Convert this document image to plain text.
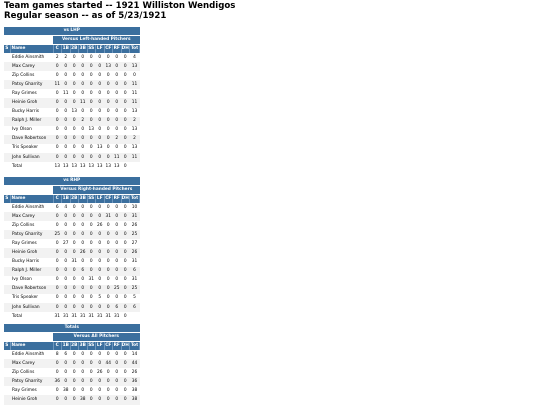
Team games started -- 1921 Williston Wendigos
Regular season -- as of 5/23/1921
vs LHP											
		Versus Left-handed Pitchers									
S	Name	C	1B	2B	3B	SS	LF	CF	RF	DH	Tot
	Eddie Ainsmith	2	2	0	0	0	0	0	0	0	4
	Max Carey	0	0	0	0	0	0	13	0	0	13
	Zip Collins	0	0	0	0	0	0	0	0	0	0
	Patsy Gharrity	11	0	0	0	0	0	0	0	0	11
	Ray Grimes	0	11	0	0	0	0	0	0	0	11
	Heinie Groh	0	0	0	11	0	0	0	0	0	11
	Bucky Harris	0	0	13	0	0	0	0	0	0	13
	Ralph J. Miller	0	0	0	2	0	0	0	0	0	2
	Ivy Olson	0	0	0	0	13	0	0	0	0	13
	Dave Robertson	0	0	0	0	0	0	0	2	0	2
	Tris Speaker	0	0	0	0	0	13	0	0	0	13
	John Sullivan	0	0	0	0	0	0	0	11	0	11
	Total	13	13	13	13	13	13	13	13	0	
vs RHP											
		Versus Right-handed Pitchers									
S	Name	C	1B	2B	3B	SS	LF	CF	RF	DH	Tot
	Eddie Ainsmith	6	4	0	0	0	0	0	0	0	10
	Max Carey	0	0	0	0	0	0	31	0	0	31
	Zip Collins	0	0	0	0	0	26	0	0	0	26
	Patsy Gharrity	25	0	0	0	0	0	0	0	0	25
	Ray Grimes	0	27	0	0	0	0	0	0	0	27
	Heinie Groh	0	0	0	26	0	0	0	0	0	26
	Bucky Harris	0	0	31	0	0	0	0	0	0	31
	Ralph J. Miller	0	0	0	6	0	0	0	0	0	6
	Ivy Olson	0	0	0	0	31	0	0	0	0	31
	Dave Robertson	0	0	0	0	0	0	0	25	0	25
	Tris Speaker	0	0	0	0	0	5	0	0	0	5
	John Sullivan	0	0	0	0	0	0	0	6	0	6
	Total	31	31	31	31	31	31	31	31	0	
Totals											
		Versus All Pitchers									
S	Name	C	1B	2B	3B	SS	LF	CF	RF	DH	Tot
	Eddie Ainsmith	8	6	0	0	0	0	0	0	0	14
	Max Carey	0	0	0	0	0	0	44	0	0	44
	Zip Collins	0	0	0	0	0	26	0	0	0	26
	Patsy Gharrity	36	0	0	0	0	0	0	0	0	36
	Ray Grimes	0	38	0	0	0	0	0	0	0	38
	Heinie Groh	0	0	0	38	0	0	0	0	0	38
